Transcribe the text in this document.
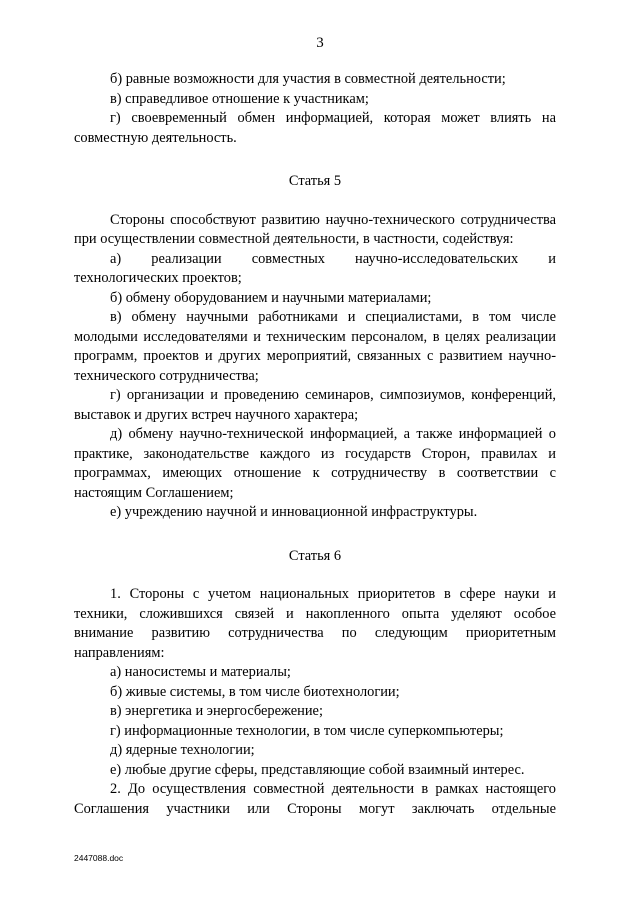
3

б) равные возможности для участия в совместной деятельности;

в) справедливое отношение к участникам;

г) своевременный обмен информацией, которая может влиять на совместную деятельность.

Статья 5

Стороны способствуют развитию научно-технического сотрудничества при осуществлении совместной деятельности, в частности, содействуя:

а) реализации совместных научно-исследовательских и технологических проектов;

б) обмену оборудованием и научными материалами;

в) обмену научными работниками и специалистами, в том числе молодыми исследователями и техническим персоналом, в целях реализации программ, проектов и других мероприятий, связанных с развитием научно-технического сотрудничества;

г) организации и проведению семинаров, симпозиумов, конференций, выставок и других встреч научного характера;

д) обмену научно-технической информацией, а также информацией о практике, законодательстве каждого из государств Сторон, правилах и программах, имеющих отношение к сотрудничеству в соответствии с настоящим Соглашением;

е) учреждению научной и инновационной инфраструктуры.

Статья 6

1. Стороны с учетом национальных приоритетов в сфере науки и техники, сложившихся связей и накопленного опыта уделяют особое внимание развитию сотрудничества по следующим приоритетным направлениям:

а) наносистемы и материалы;

б) живые системы, в том числе биотехнологии;

в) энергетика и энергосбережение;

г) информационные технологии, в том числе суперкомпьютеры;

д) ядерные технологии;

е) любые другие сферы, представляющие собой взаимный интерес.

2. До осуществления совместной деятельности в рамках настоящего Соглашения участники или Стороны могут заключать отдельные

2447088.doc
